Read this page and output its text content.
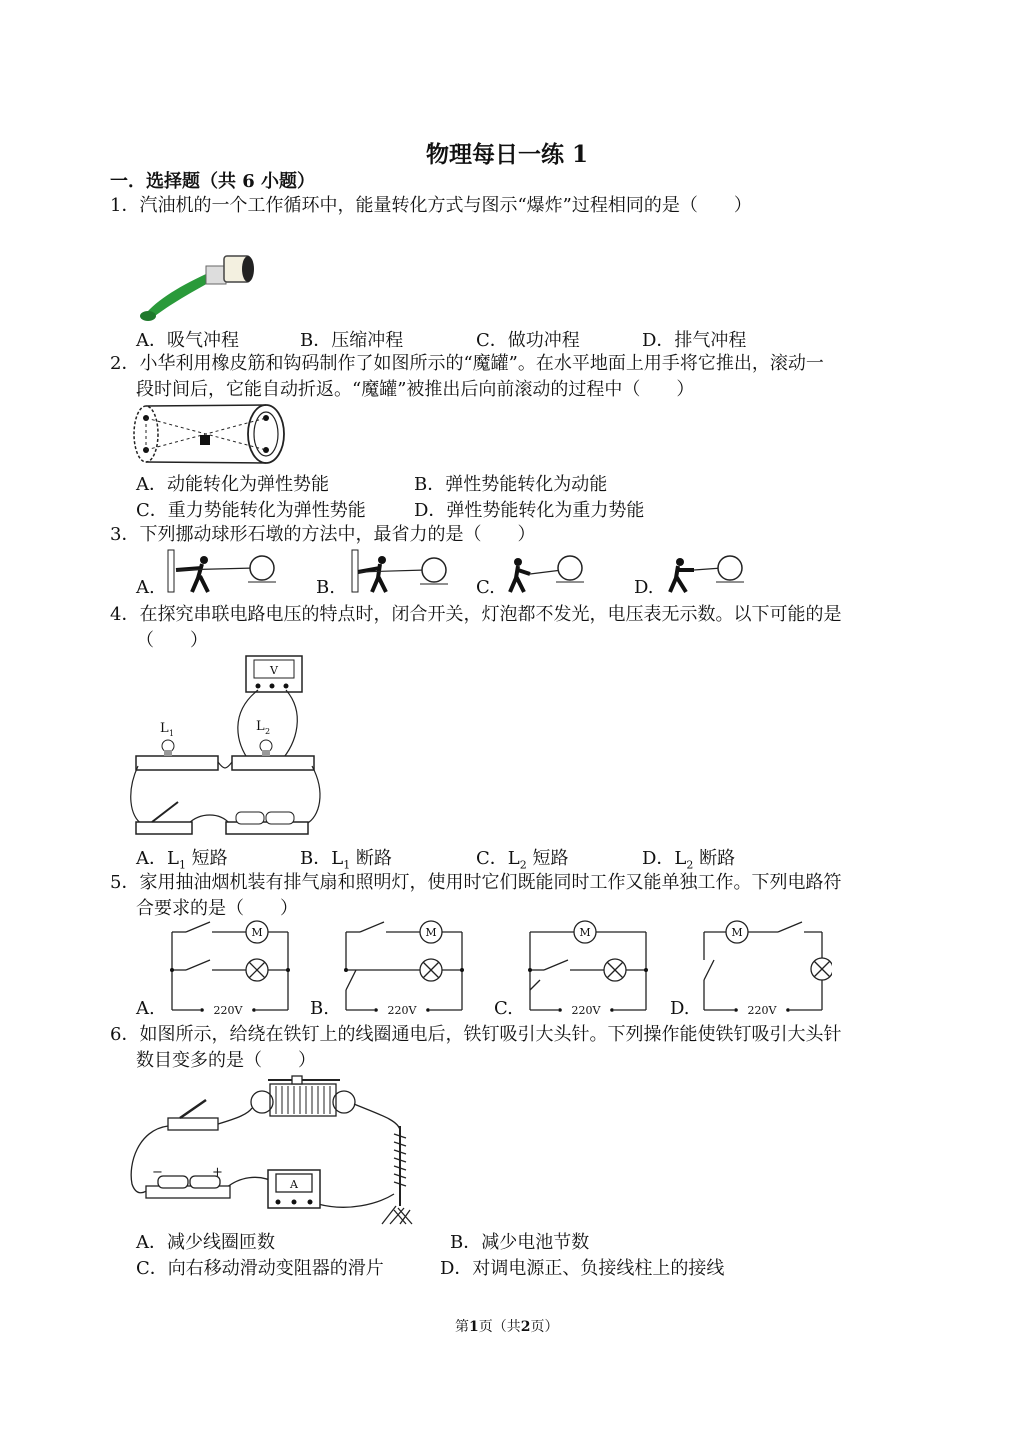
物理每日一练 1
一．选择题（共 6 小题）
1．汽油机的一个工作循环中，能量转化方式与图示“爆炸”过程相同的是（　　）
A．吸气冲程	B．压缩冲程	C．做功冲程	D．排气冲程
2．小华利用橡皮筋和钩码制作了如图所示的“魔罐”。在水平地面上用手将它推出，滚动一
段时间后，它能自动折返。“魔罐”被推出后向前滚动的过程中（　　）
A．动能转化为弹性势能	B．弹性势能转化为动能
C．重力势能转化为弹性势能	D．弹性势能转化为重力势能
3．下列挪动球形石墩的方法中，最省力的是（　　）
A.	B.	C.	D.
4．在探究串联电路电压的特点时，闭合开关，灯泡都不发光，电压表无示数。以下可能的是
（　　）
V
L 1	L 2
A．$L_1$ 短路	B．$L_1$ 断路	C．$L_2$ 短路	D．$L_2$ 断路
5．家用抽油烟机装有排气扇和照明灯，使用时它们既能同时工作又能单独工作。下列电路符
合要求的是（　　）
A.
M
220V	B.
M
220V	C.
M
220V	D.
M
220V
6．如图所示，给绕在铁钉上的线圈通电后，铁钉吸引大头针。下列操作能使铁钉吸引大头针
数目变多的是（　　）
−	+
A
A．减少线圈匝数	B．减少电池节数
C．向右移动滑动变阻器的滑片	D．对调电源正、负接线柱上的接线
第1页（共2页）
